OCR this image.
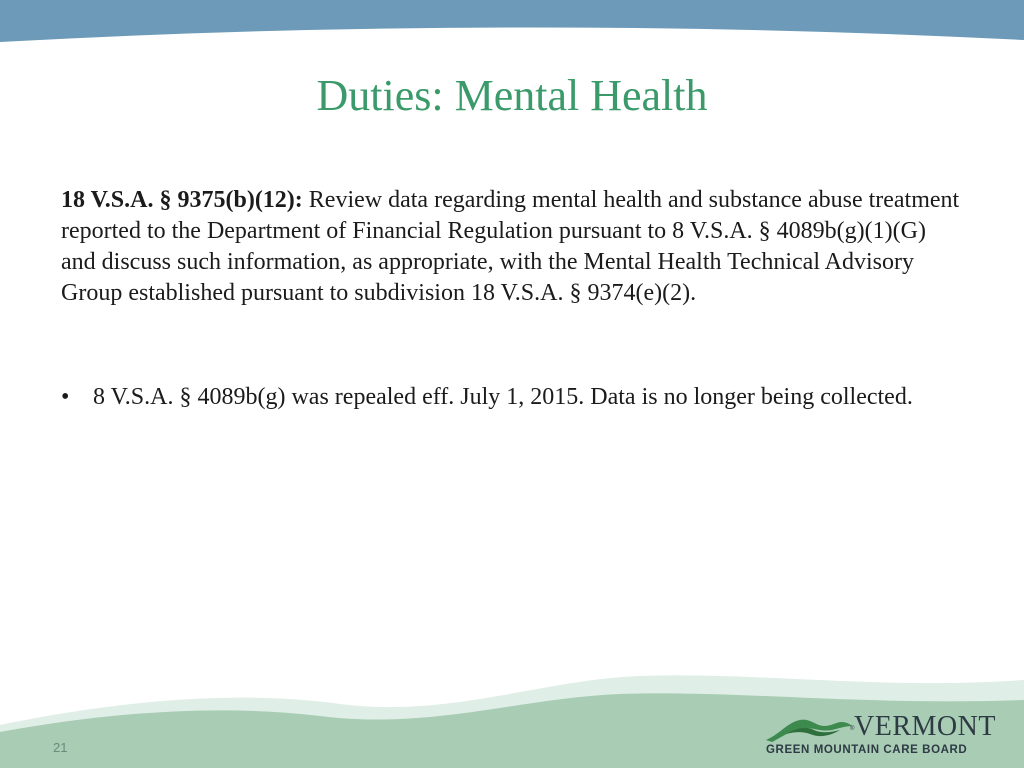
Duties: Mental Health

18 V.S.A. § 9375(b)(12): Review data regarding mental health and substance abuse treatment reported to the Department of Financial Regulation pursuant to 8 V.S.A. § 4089b(g)(1)(G) and discuss such information, as appropriate, with the Mental Health Technical Advisory Group established pursuant to subdivision 18 V.S.A. § 9374(e)(2).

• 8 V.S.A. § 4089b(g) was repealed eff. July 1, 2015. Data is no longer being collected.
21
® VERMONT
GREEN MOUNTAIN CARE BOARD
